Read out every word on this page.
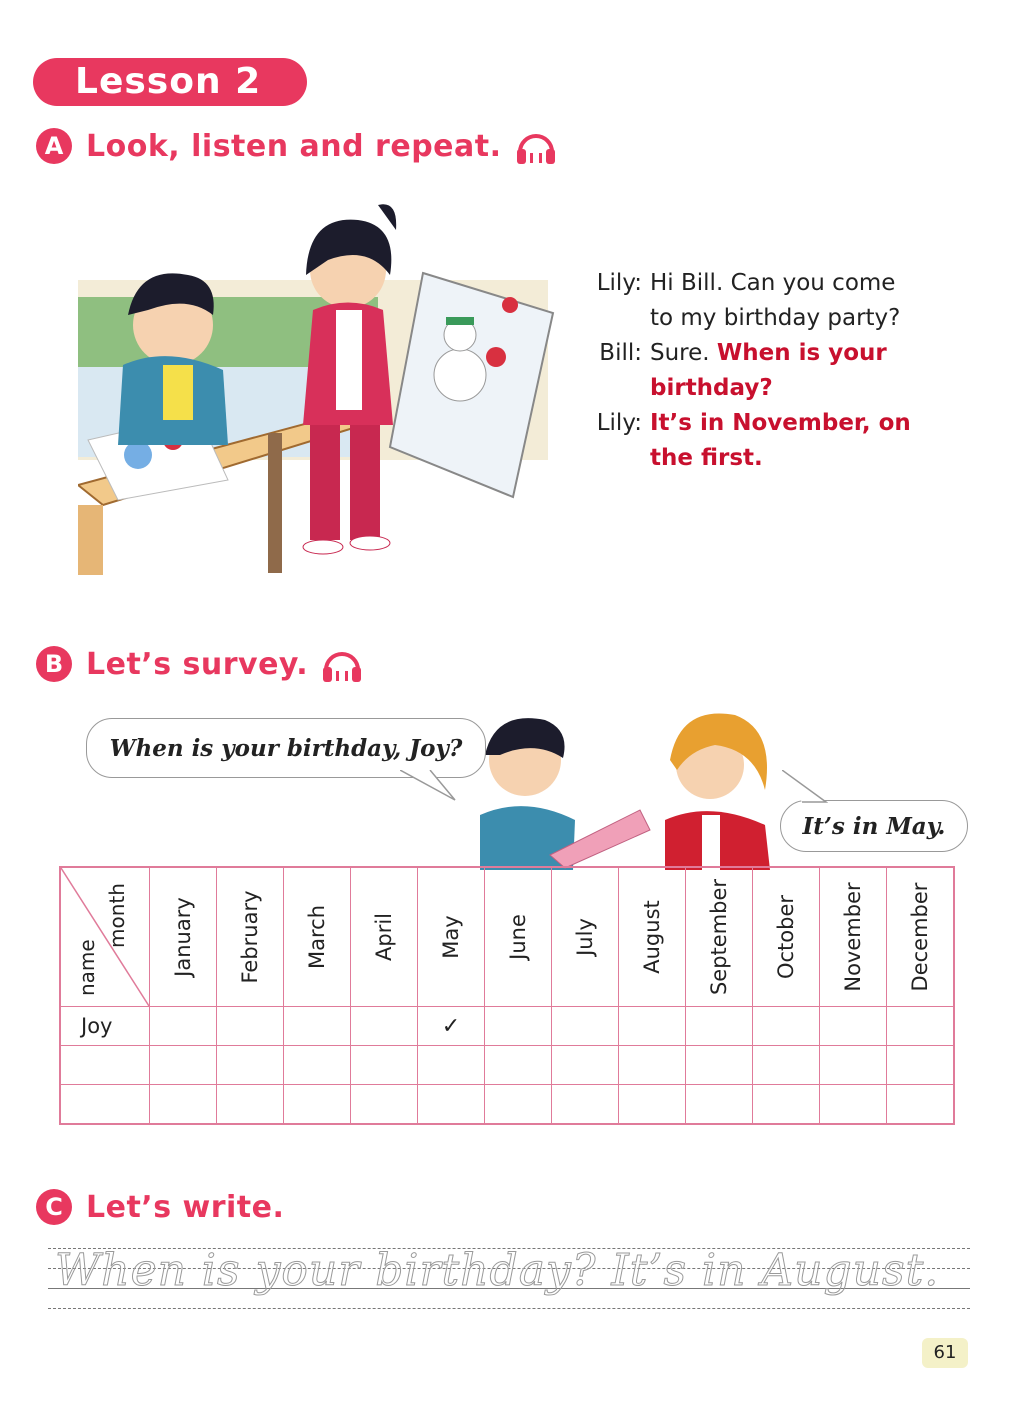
Lesson 2
A Look, listen and repeat.
Lily: Hi Bill. Can you come
to my birthday party?
Bill: Sure. When is your
birthday?
Lily: It’s in November, on
the first.
B Let’s survey.
When is your birthday, Joy?
It’s in May.
month
name	January	February	March	April	May	June	July	August	September	October	November	December

Joy					✓							

C Let’s write.
When is your birthday? It’s in August.
61
